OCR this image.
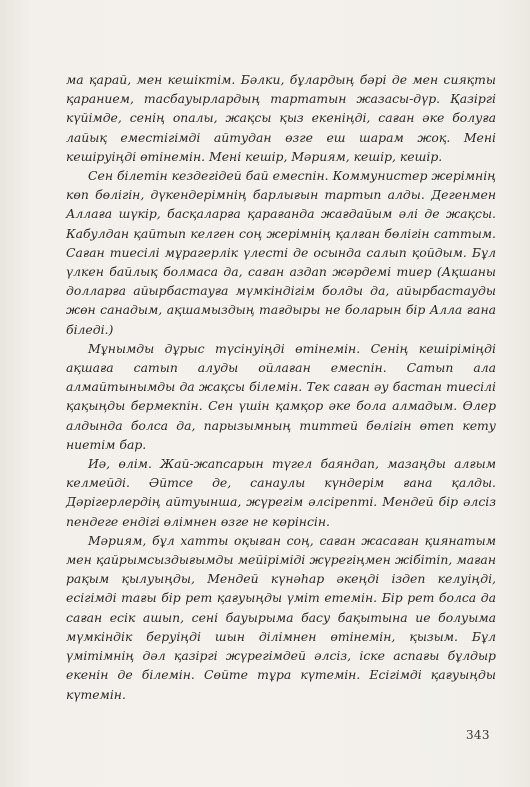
ма қарай, мен кешіктім. Бәлки, бұлардың бәрі де мен сияқты қаранием, тасбауырлардың тартатын жазасы-дүр. Қазіргі күйімде, сенің опалы, жақсы қыз екеніңді, саған әке болуға лайық еместігімді айтудан өзге еш шарам жоқ. Мені кешіруіңді өтінемін. Мені кешір, Мәриям, кешір, кешір.

Сен білетін кездегідей бай емеспін. Коммунистер жерімнің көп бөлігін, дүкендерімнің барлығын тартып алды. Дегенмен Аллаға шүкір, басқаларға қарағанда жағдайым әлі де жақсы. Кабулдан қайтып келген соң жерімнің қалған бөлігін саттым. Саған тиесілі мұрагерлік үлесті де осында салып қойдым. Бұл үлкен байлық болмаса да, саған аздап жәрдемі тиер (Ақшаны долларға айырбастауға мүмкіндігім болды да, айырбастауды жөн санадым, ақшамыздың тағдыры не боларын бір Алла ғана біледі.)

Мұнымды дұрыс түсінуіңді өтінемін. Сенің кешіріміңді ақшаға сатып алуды ойлаған емеспін. Сатып ала алмайтынымды да жақсы білемін. Тек саған әу бастан тиесілі қақыңды бермекпін. Сен үшін қамқор әке бола алмадым. Өлер алдында болса да, парызымның титтей бөлігін өтеп кету ниетім бар.

Иә, өлім. Жай-жапсарын түгел баяндап, мазаңды алғым келмейді. Әйтсе де, санаулы күндерім ғана қалды. Дәрігерлердің айтуынша, жүрегім әлсірепті. Мендей бір әлсіз пендеге ендігі өлімнен өзге не көрінсін.

Мәриям, бұл хатты оқыған соң, саған жасаған қиянатым мен қайрымсыздығымды мейіріміді жүрегіңмен жібітіп, маған рақым қылуыңды, Мендей күнәһар әкеңді іздеп келуіңді, есігімді тағы бір рет қағуыңды үміт етемін. Бір рет болса да саған есік ашып, сені бауырыма басу бақытына ие болуыма мүмкіндік беруіңді шын ділімнен өтінемін, қызым. Бұл үмітімнің дәл қазіргі жүрегімдей әлсіз, іске аспағы бұлдыр екенін де білемін. Сөйте тұра күтемін. Есігімді қағуыңды күтемін.

343
